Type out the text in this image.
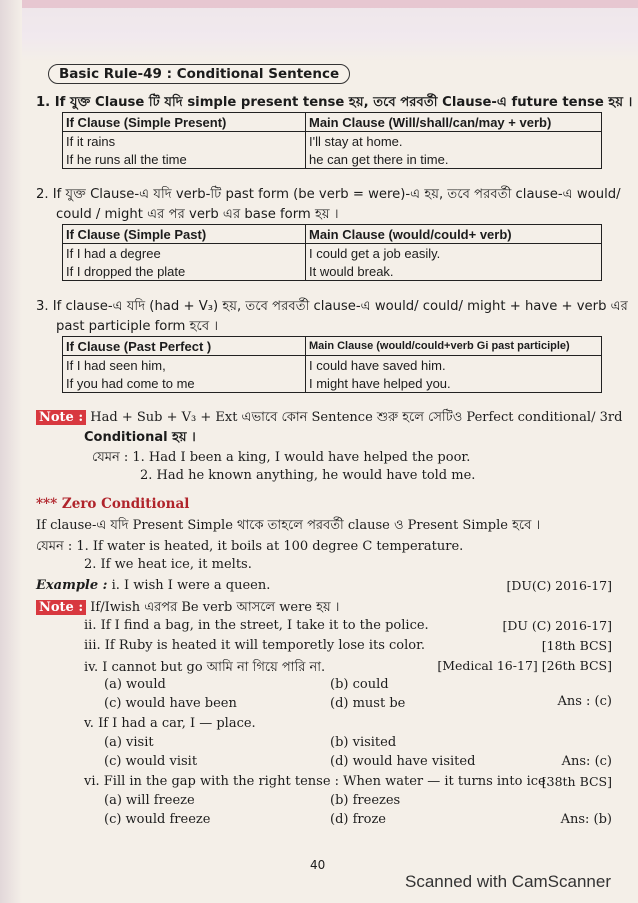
Basic Rule-49 : Conditional Sentence
1. If যুক্ত Clause টি যদি simple present tense হয়, তবে পরবর্তী Clause-এ future tense হয় ।
If Clause (Simple Present)	Main Clause (Will/shall/can/may + verb)
If it rains	I'll stay at home.
If he runs all the time	he can get there in time.
2. If যুক্ত Clause-এ যদি verb-টি past form (be verb = were)-এ হয়, তবে পরবর্তী clause-এ would/
could / might এর পর verb এর base form হয় ।
If Clause (Simple Past)	Main Clause (would/could+ verb)
If I had a degree	I could get a job easily.
If I dropped the plate	It would break.
3. If clause-এ যদি (had + V₃) হয়, তবে পরবর্তী clause-এ would/ could/ might + have + verb এর
past participle form হবে ।
If Clause (Past Perfect )	Main Clause (would/could+verb Gi past participle)
If I had seen him,	I could have saved him.
If you had come to me	I might have helped you.
Note : Had + Sub + V₃ + Ext এভাবে কোন Sentence শুরু হলে সেটিও Perfect conditional/ 3rd
Conditional হয় ।
যেমন : 1. Had I been a king, I would have helped the poor.
2. Had he known anything, he would have told me.
*** Zero Conditional
If clause-এ যদি Present Simple থাকে তাহলে পরবর্তী clause ও Present Simple হবে ।
যেমন : 1. If water is heated, it boils at 100 degree C temperature.
2. If we heat ice, it melts.
Example : i. I wish I were a queen.	[DU(C) 2016-17]
Note : If/Iwish এরপর Be verb আসলে were হয় ।
ii. If I find a bag, in the street, I take it to the police.	[DU (C) 2016-17]
iii. If Ruby is heated it will temporetly lose its color.	[18th BCS]
iv. I cannot but go আমি না গিয়ে পারি না.	[Medical 16-17] [26th BCS]
(a) would	(b) could
(c) would have been	(d) must be	Ans : (c)
v. If I had a car, I — place.
(a) visit	(b) visited
(c) would visit	(d) would have visited	Ans: (c)
vi. Fill in the gap with the right tense : When water — it turns into ice.
[38th BCS]
(a) will freeze	(b) freezes
(c) would freeze	(d) froze	Ans: (b)
40
Scanned with CamScanner
